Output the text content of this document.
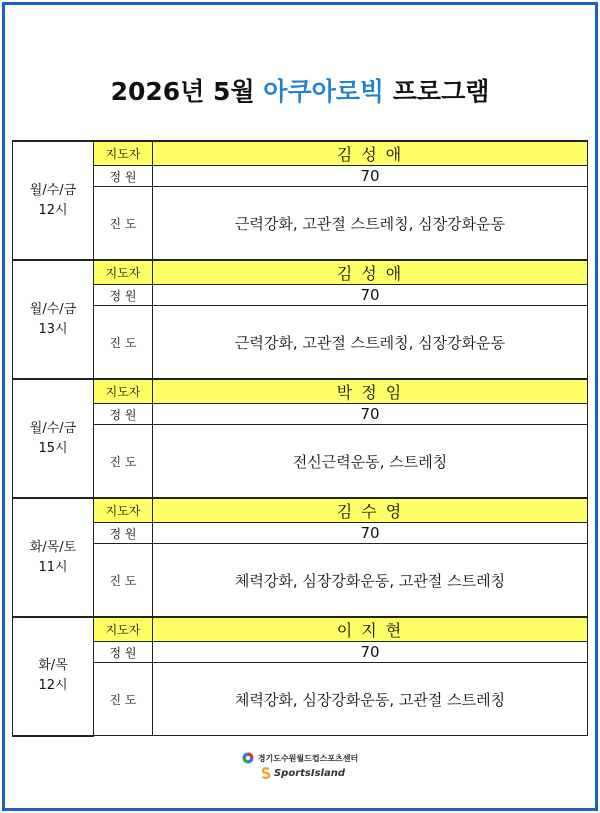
2026년 5월 아쿠아로빅 프로그램
월/수/금
12시	지도자	김 성 애
	정 원	70
	진 도	근력강화, 고관절 스트레칭, 심장강화운동
월/수/금
13시	지도자	김 성 애
	정 원	70
	진 도	근력강화, 고관절 스트레칭, 심장강화운동
월/수/금
15시	지도자	박 정 임
	정 원	70
	진 도	전신근력운동, 스트레칭
화/목/토
11시	지도자	김 수 영
	정 원	70
	진 도	체력강화, 심장강화운동, 고관절 스트레칭
화/목
12시	지도자	이 지 현
	정 원	70
	진 도	체력강화, 심장강화운동, 고관절 스트레칭
경기도수원월드컵스포츠센터
SportsIsland
